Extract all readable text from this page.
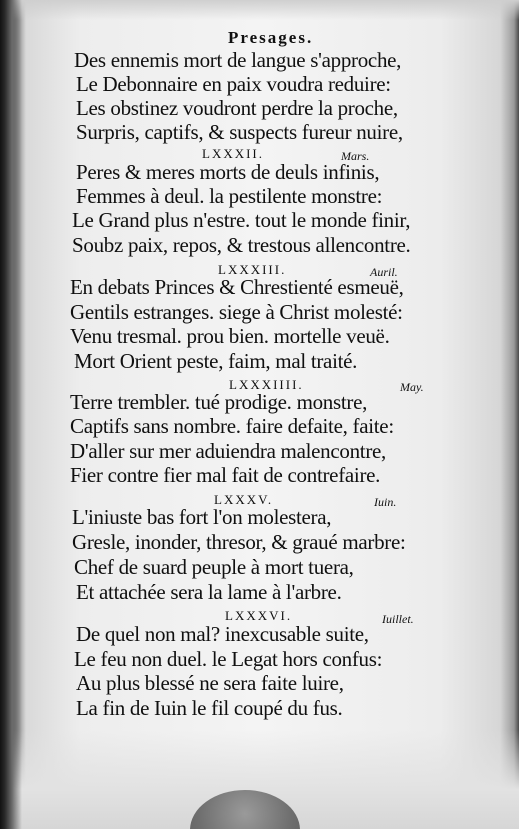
Presages.
Des ennemis mort de langue s'approche,
Le Debonnaire en paix voudra reduire:
Les obstinez voudront perdre la proche,
Surpris, captifs, & suspects fureur nuire,
LXXXII.	Mars.
Peres & meres morts de deuls infinis,
Femmes à deul. la pestilente monstre:
Le Grand plus n'estre. tout le monde finir,
Soubz paix, repos, & trestous allencontre.
LXXXIII.	Auril.
En debats Princes & Chrestienté esmeuë,
Gentils estranges. siege à Christ molesté:
Venu tresmal. prou bien. mortelle veuë.
Mort Orient peste, faim, mal traité.
LXXXIIII.	May.
Terre trembler. tué prodige. monstre,
Captifs sans nombre. faire defaite, faite:
D'aller sur mer aduiendra malencontre,
Fier contre fier mal fait de contrefaire.
LXXXV.	Iuin.
L'iniuste bas fort l'on molestera,
Gresle, inonder, thresor, & graué marbre:
Chef de suard peuple à mort tuera,
Et attachée sera la lame à l'arbre.
LXXXVI.	Iuillet.
De quel non mal? inexcusable suite,
Le feu non duel. le Legat hors confus:
Au plus blessé ne sera faite luire,
La fin de Iuin le fil coupé du fus.
